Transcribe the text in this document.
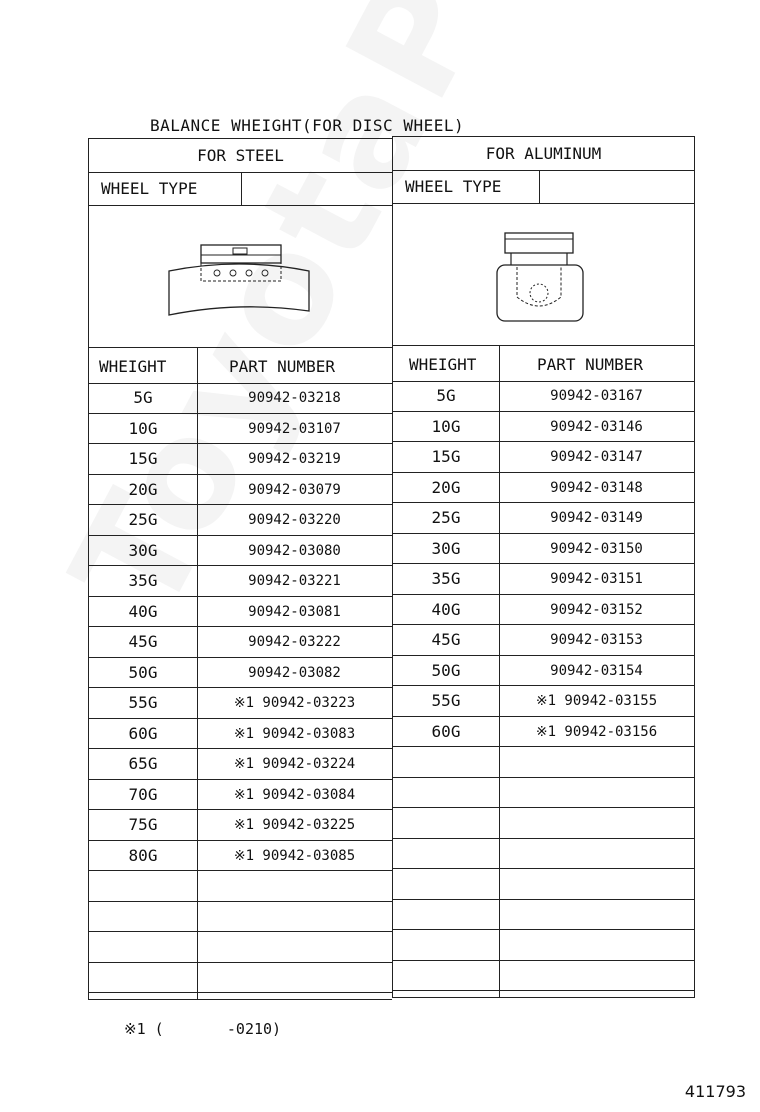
BALANCE WHEIGHT(FOR DISC WHEEL)
FOR STEEL
WHEEL TYPE
WHEIGHT	PART NUMBER
5G	90942-03218
10G	90942-03107
15G	90942-03219
20G	90942-03079
25G	90942-03220
30G	90942-03080
35G	90942-03221
40G	90942-03081
45G	90942-03222
50G	90942-03082
55G	※1 90942-03223
60G	※1 90942-03083
65G	※1 90942-03224
70G	※1 90942-03084
75G	※1 90942-03225
80G	※1 90942-03085
FOR ALUMINUM
WHEEL TYPE
WHEIGHT	PART NUMBER
5G	90942-03167
10G	90942-03146
15G	90942-03147
20G	90942-03148
25G	90942-03149
30G	90942-03150
35G	90942-03151
40G	90942-03152
45G	90942-03153
50G	90942-03154
55G	※1 90942-03155
60G	※1 90942-03156
※1 (       -0210)
411793
